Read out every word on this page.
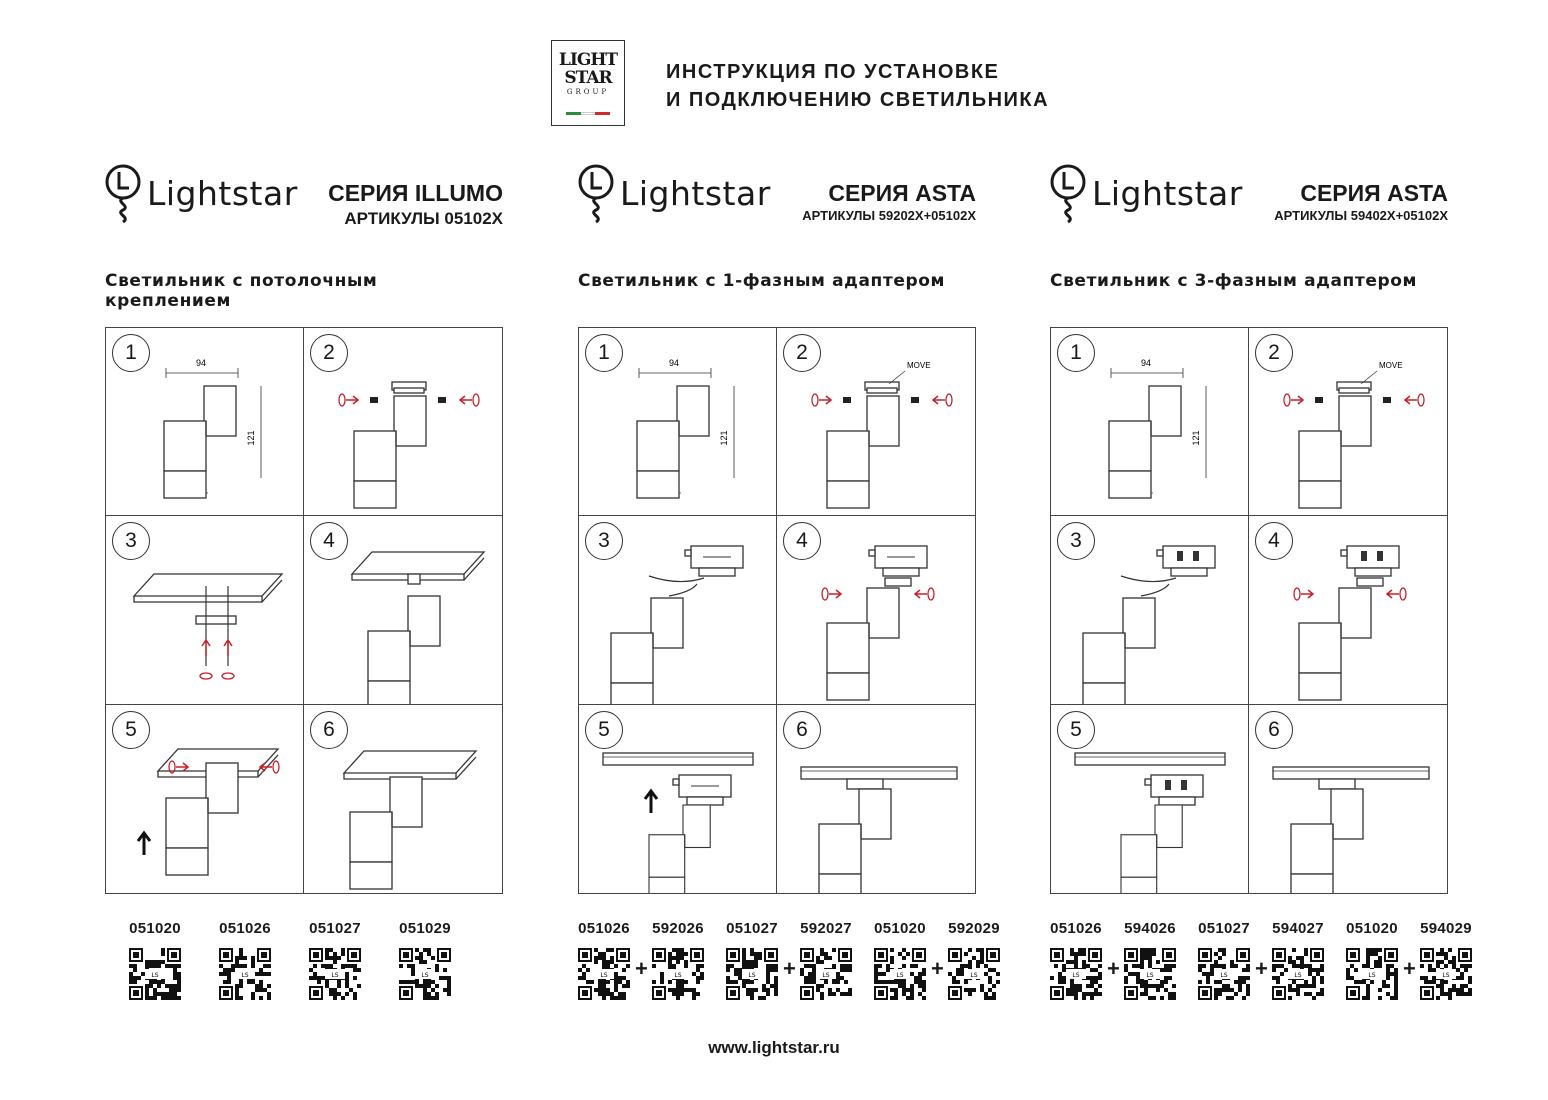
LIGHT
STAR
GROUP
ИНСТРУКЦИЯ ПО УСТАНОВКЕ
И ПОДКЛЮЧЕНИЮ СВЕТИЛЬНИКА
Lightstar СЕРИЯ ILLUMO
АРТИКУЛЫ 05102X
Светильник с потолочным креплением
94
121
1	2
3	4
5	6
051020
LS
051026
LS
051027
LS
051029
LS
Lightstar	СЕРИЯ ASTA
АРТИКУЛЫ 59202X+05102X
Светильник с 1-фазным адаптером
94
121
1
MOVE
2
3	4
5	6
051026
LS +
592026
LS
051027
LS +
592027
LS
051020
LS +
592029
LS
Lightstar	СЕРИЯ ASTA
АРТИКУЛЫ 59402X+05102X
Светильник с 3-фазным адаптером
94
121
1
MOVE
2
3	4
5	6
051026
LS +
594026
LS
051027
LS +
594027
LS
051020
LS +
594029
LS
www.lightstar.ru
